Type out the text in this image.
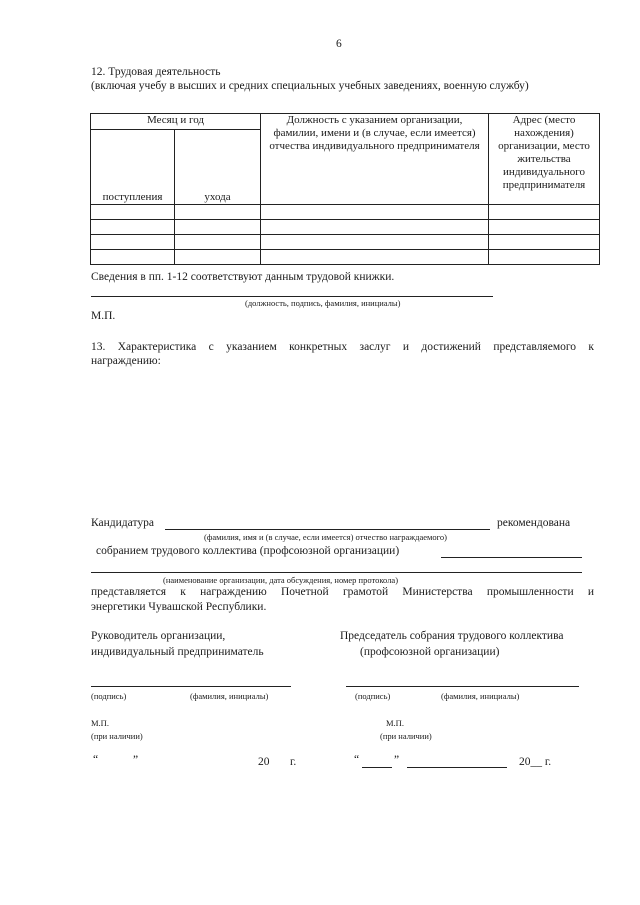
6
12. Трудовая деятельность
(включая учебу в высших и средних специальных учебных заведениях, военную службу)
Месяц и год		Должность с указанием организации, фамилии, имени и (в случае, если имеется) отчества индивидуального предпринимателя	Адрес (место нахождения) организации, место жительства индивидуального предпринимателя
поступления	ухода		

Сведения в пп. 1-12 соответствуют данным трудовой книжки.
(должность, подпись, фамилия, инициалы)
М.П.
13. Характеристика с указанием конкретных заслуг и достижений представляемого к
награждению:
Кандидатура	рекомендована
(фамилия, имя и (в случае, если имеется) отчество награждаемого)
собранием трудового коллектива (профсоюзной организации)
(наименование организации, дата обсуждения, номер протокола)
представляется к награждению Почетной грамотой Министерства промышленности и
энергетики Чувашской Республики.
Руководитель организации,
индивидуальный предприниматель
Председатель собрания трудового коллектива
(профсоюзной организации)
(подпись)	(фамилия, инициалы)	(подпись)	(фамилия, инициалы)
М.П.
(при наличии)
М.П.
(при наличии)
“	”	20 г.	“	”	20__ г.
